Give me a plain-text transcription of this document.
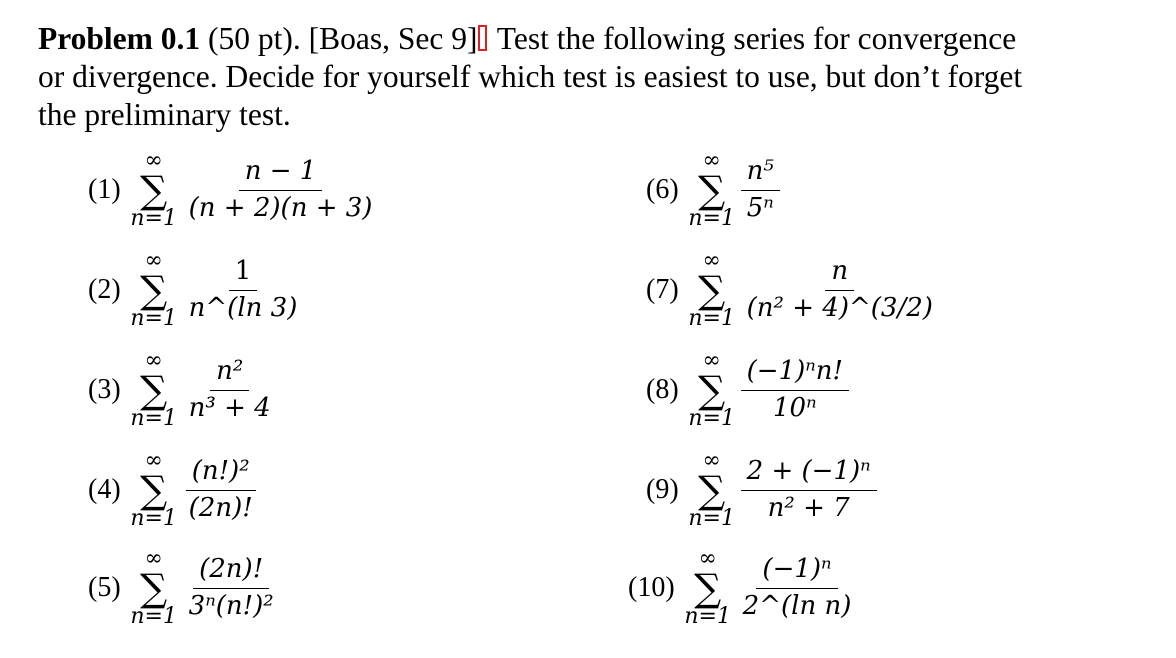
Problem 0.1 (50 pt). [Boas, Sec 9] Test the following series for convergence
or divergence. Decide for yourself which test is easiest to use, but don’t forget
the preliminary test.
(1)
∞
∑
$n=1 \frac{n - 1}{(n + 2)(n + 3)}$
(2)
∞
∑
$n=1 \frac{1}{n\^{}(\ln 3)}$
(3)
∞
∑
$n=1 \frac{\text{n²}}{\text{n³ + 4}}$
(4)
∞
∑
$n=1 \frac{\text{(n!)²}}{(2n)!}$
(5)
∞
∑
$n=1 \frac{(2n)!}{\text{3ⁿ(n!)²}}$
(6)
∞
∑
$n=1 \frac{\text{n⁵}}{\text{5ⁿ}}$
(7)
∞
∑
$n=1 \frac{n}{\text{(n² + 4)\textasciicircum{}(3/2)}}$
(8)
∞
∑
$n=1 \frac{\text{(−1)ⁿn!}}{\text{10ⁿ}}$
(9)
∞
∑
$n=1 \frac{\text{2 + (−1)ⁿ}}{\text{n² + 7}}$
(10)
∞
∑
$n=1 \frac{\text{(−1)ⁿ}}{\text{2\textasciicircum{}(ln n)}}$
